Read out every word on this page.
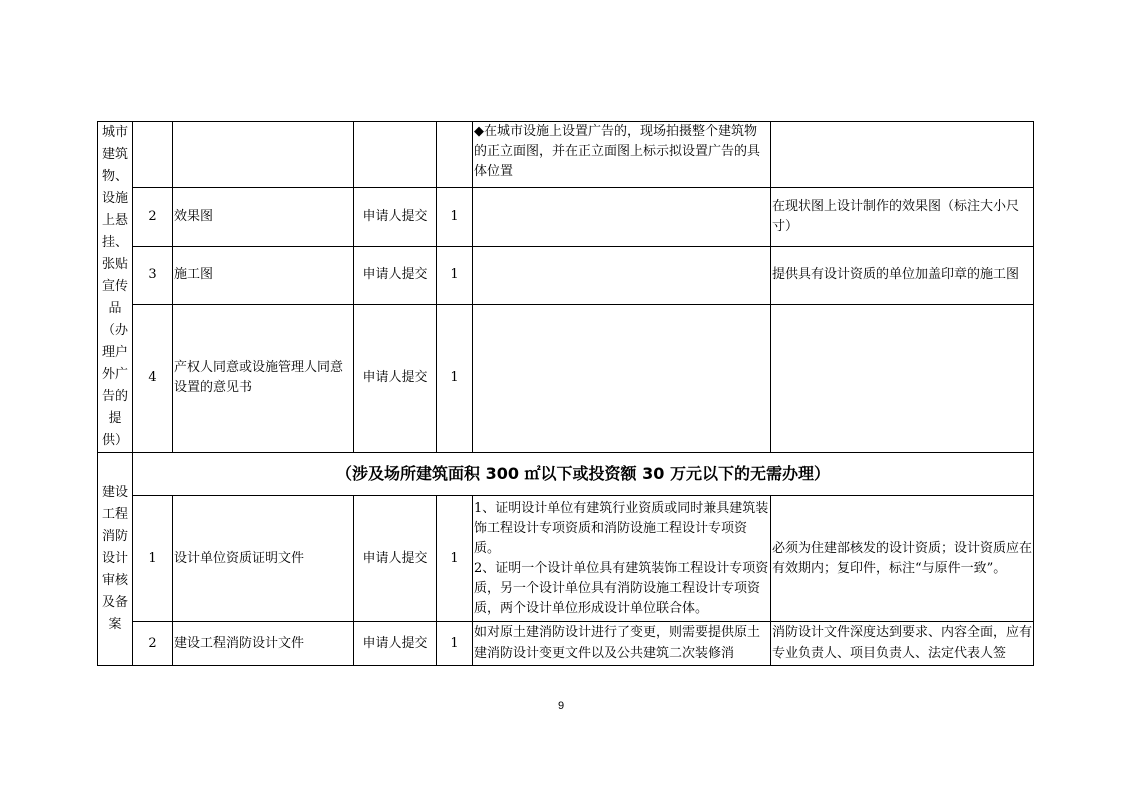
城市建筑物、设施上悬挂、张贴宣传品（办理户外广告的提供）					◆在城市设施上设置广告的，现场拍摄整个建筑物的正立面图，并在正立面图上标示拟设置广告的具体位置	
	2	效果图	申请人提交	1		在现状图上设计制作的效果图（标注大小尺寸）
	3	施工图	申请人提交	1		提供具有设计资质的单位加盖印章的施工图
	4	产权人同意或设施管理人同意设置的意见书	申请人提交	1		

建设工程消防设计审核及备案	（涉及场所建筑面积 300 ㎡以下或投资额 30 万元以下的无需办理）					
	1	设计单位资质证明文件	申请人提交	1	1、证明设计单位有建筑行业资质或同时兼具建筑装饰工程设计专项资质和消防设施工程设计专项资质。
2、证明一个设计单位具有建筑装饰工程设计专项资质，另一个设计单位具有消防设施工程设计专项资质，两个设计单位形成设计单位联合体。	必须为住建部核发的设计资质；设计资质应在有效期内；复印件，标注“与原件一致”。
	2	建设工程消防设计文件	申请人提交	1	如对原土建消防设计进行了变更，则需要提供原土建消防设计变更文件以及公共建筑二次装修消	消防设计文件深度达到要求、内容全面，应有专业负责人、项目负责人、法定代表人签
9
